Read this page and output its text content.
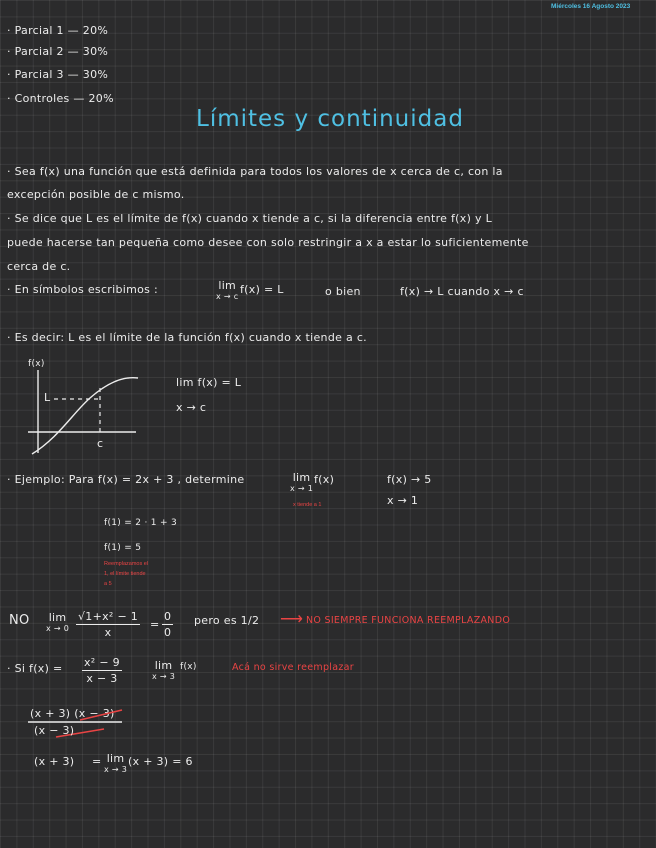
Miércoles 16 Agosto 2023
· Parcial 1 — 20%
· Parcial 2 — 30%
· Parcial 3 — 30%
· Controles — 20%
Límites y continuidad
· Sea f(x) una función que está definida para todos los valores de x cerca de c, con la
excepción posible de c mismo.
· Se dice que L es el límite de f(x) cuando x tiende a c, si la diferencia entre f(x) y L
puede hacerse tan pequeña como desee con solo restringir a x a estar lo suficientemente
cerca de c.
· En símbolos escribimos :	lim
x → c
f(x) = L	o bien	f(x) → L cuando x → c
· Es decir: L es el límite de la función f(x) cuando x tiende a c.
f(x)
L
c
lim f(x) = L
x → c
· Ejemplo: Para f(x) = 2x + 3 , determine	lim
x → 1
f(x)
x tiende a 1
f(x) → 5
x → 1
f(1) = 2 · 1 + 3
f(1) = 5
Reemplazamos el
1, el límite tiende
a 5
NO lim
$x \to 0 \frac{\text{√1+x² − 1}}{x} = \frac{0}{0}$ pero es 1/2 ⟶ NO SIEMPRE FUNCIONA REEMPLAZANDO
· Si $f(x) = \frac{\text{x² − 9}}{x - 3}$	lim
x → 3
f(x)	Acá no sirve reemplazar
(x + 3) (x − 3)
(x − 3)
(x + 3) = lim
x → 3
(x + 3) = 6
